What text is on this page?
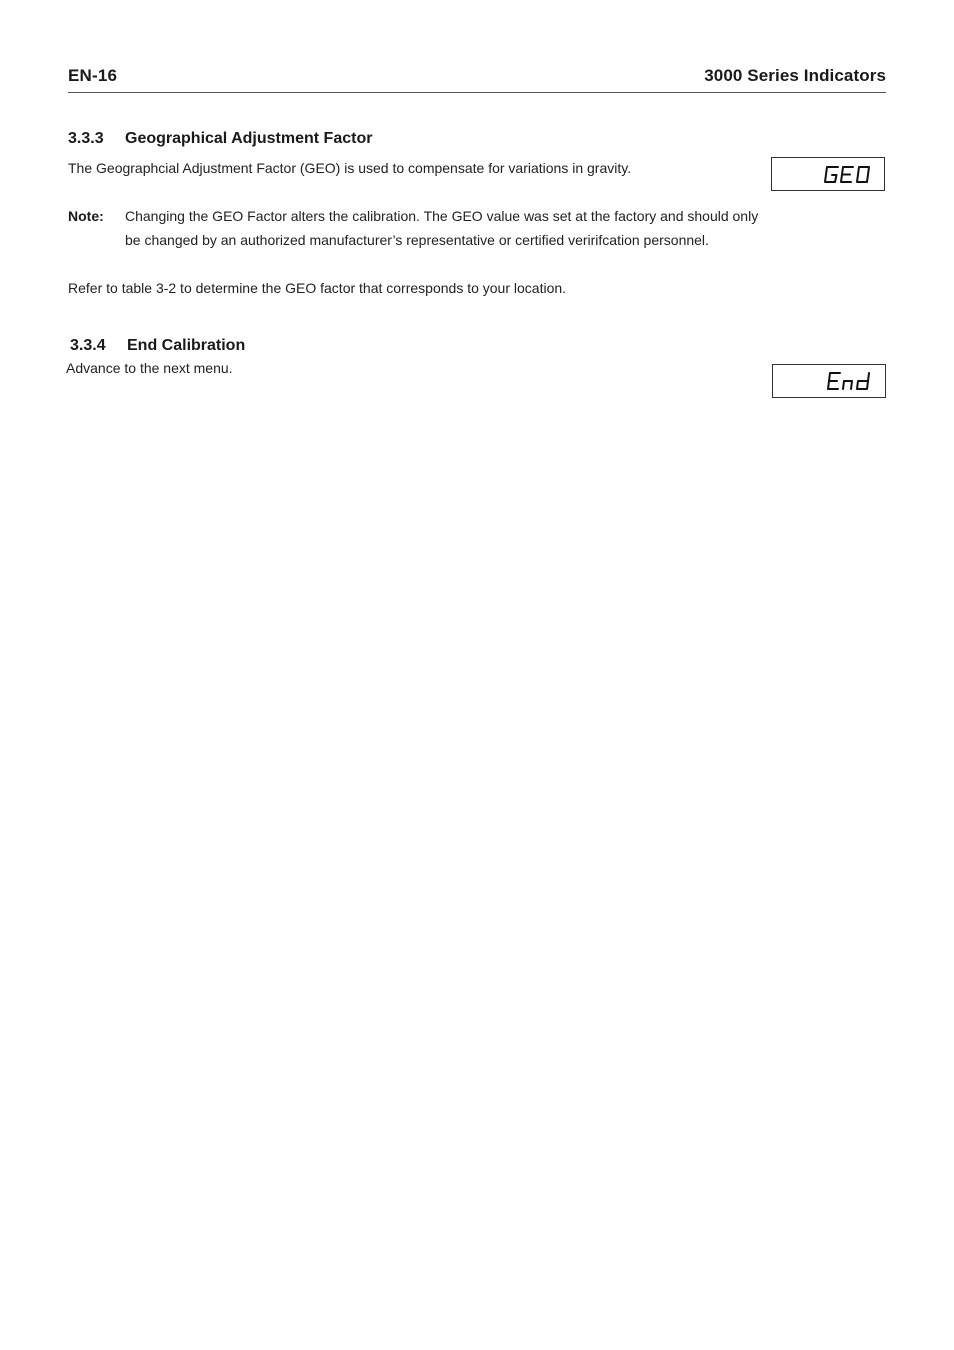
EN-16	3000 Series Indicators
3.3.3 Geographical Adjustment Factor
The Geographcial Adjustment Factor (GEO) is used to compensate for variations in gravity.
Note: Changing the GEO Factor alters the calibration. The GEO value was set at the factory and should only
be changed by an authorized manufacturer’s representative or certified veririfcation personnel.
Refer to table 3-2 to determine the GEO factor that corresponds to your location.
3.3.4 End Calibration
Advance to the next menu.
